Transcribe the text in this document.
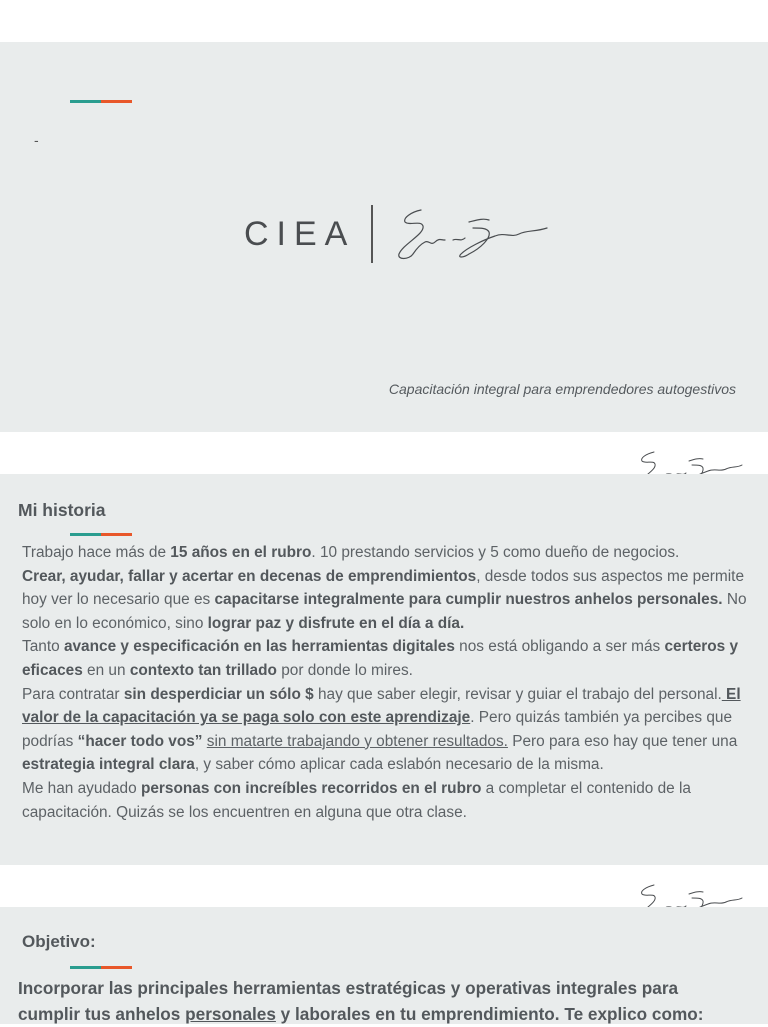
-
CIEA
Capacitación integral para emprendedores autogestivos
Mi historia

Trabajo hace más de 15 años en el rubro. 10 prestando servicios y 5 como dueño de negocios.

Crear, ayudar, fallar y acertar en decenas de emprendimientos, desde todos sus aspectos me permite hoy ver lo necesario que es capacitarse integralmente para cumplir nuestros anhelos personales. No solo en lo económico, sino lograr paz y disfrute en el día a día.

Tanto avance y especificación en las herramientas digitales nos está obligando a ser más certeros y eficaces en un contexto tan trillado por donde lo mires.

Para contratar sin desperdiciar un sólo $ hay que saber elegir, revisar y guiar el trabajo del personal. El valor de la capacitación ya se paga solo con este aprendizaje. Pero quizás también ya percibes que podrías “hacer todo vos” sin matarte trabajando y obtener resultados. Pero para eso hay que tener una estrategia integral clara, y saber cómo aplicar cada eslabón necesario de la misma.

Me han ayudado personas con increíbles recorridos en el rubro a completar el contenido de la capacitación. Quizás se los encuentren en alguna que otra clase.

Objetivo:
Incorporar las principales herramientas estratégicas y operativas integrales para cumplir tus anhelos personales y laborales en tu emprendimiento. Te explico como:
